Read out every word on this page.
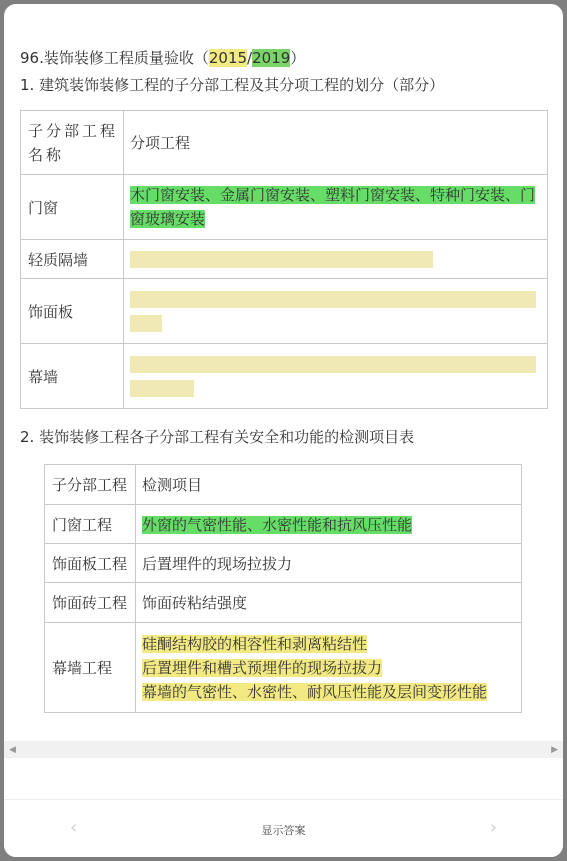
96.装饰装修工程质量验收（2015/2019）
1. 建筑装饰装修工程的子分部工程及其分项工程的划分（部分）
子分部工程名称	分项工程
门窗	木门窗安装、金属门窗安装、塑料门窗安装、特种门安装、门窗玻璃安装
轻质隔墙	

饰面板	

幕墙	
2. 装饰装修工程各子分部工程有关安全和功能的检测项目表
子分部工程	检测项目
门窗工程	外窗的气密性能、水密性能和抗风压性能
饰面板工程	后置埋件的现场拉拔力
饰面砖工程	饰面砖粘结强度
幕墙工程	硅酮结构胶的相容性和剥离粘结性
后置埋件和槽式预埋件的现场拉拔力
幕墙的气密性、水密性、耐风压性能及层间变形性能
◀	▶
‹	显示答案	›
